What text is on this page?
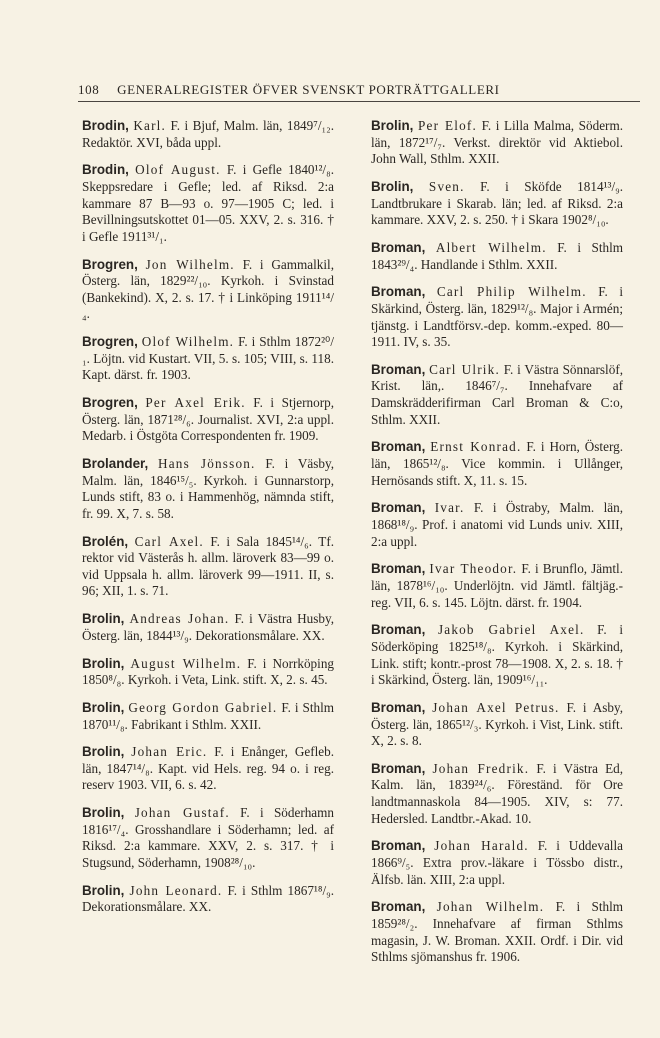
108 GENERALREGISTER ÖFVER SVENSKT PORTRÄTTGALLERI

Brodin, Karl. F. i Bjuf, Malm. län, 1849⁷/₁₂. Redaktör. XVI, båda uppl.

Brodin, Olof August. F. i Gefle 1840¹²/₈. Skeppsredare i Gefle; led. af Riksd. 2:a kammare 87 B—93 o. 97—1905 C; led. i Bevillningsutskottet 01—05. XXV, 2. s. 316. † i Gefle 1911³¹/₁.

Brogren, Jon Wilhelm. F. i Gammalkil, Österg. län, 1829²²/₁₀. Kyrkoh. i Svinstad (Bankekind). X, 2. s. 17. † i Linköping 1911¹⁴/₄.

Brogren, Olof Wilhelm. F. i Sthlm 1872²⁰/₁. Löjtn. vid Kustart. VII, 5. s. 105; VIII, s. 118. Kapt. därst. fr. 1903.

Brogren, Per Axel Erik. F. i Stjernorp, Österg. län, 1871²⁸/₆. Journalist. XVI, 2:a uppl. Medarb. i Östgöta Correspondenten fr. 1909.

Brolander, Hans Jönsson. F. i Väsby, Malm. län, 1846¹⁵/₅. Kyrkoh. i Gunnarstorp, Lunds stift, 83 o. i Hammenhög, nämnda stift, fr. 99. X, 7. s. 58.

Brolén, Carl Axel. F. i Sala 1845¹⁴/₆. Tf. rektor vid Västerås h. allm. läroverk 83—99 o. vid Uppsala h. allm. läroverk 99—1911. II, s. 96; XII, 1. s. 71.

Brolin, Andreas Johan. F. i Västra Husby, Österg. län, 1844¹³/₉. Dekorationsmålare. XX.

Brolin, August Wilhelm. F. i Norrköping 1850⁸/₈. Kyrkoh. i Veta, Link. stift. X, 2. s. 45.

Brolin, Georg Gordon Gabriel. F. i Sthlm 1870¹¹/₈. Fabrikant i Sthlm. XXII.

Brolin, Johan Eric. F. i Enånger, Gefleb. län, 1847¹⁴/₈. Kapt. vid Hels. reg. 94 o. i reg. reserv 1903. VII, 6. s. 42.

Brolin, Johan Gustaf. F. i Söderhamn 1816¹⁷/₄. Grosshandlare i Söderhamn; led. af Riksd. 2:a kammare. XXV, 2. s. 317. † i Stugsund, Söderhamn, 1908²⁸/₁₀.

Brolin, John Leonard. F. i Sthlm 1867¹⁸/₉. Dekorationsmålare. XX.

Brolin, Per Elof. F. i Lilla Malma, Söderm. län, 1872¹⁷/₇. Verkst. direktör vid Aktiebol. John Wall, Sthlm. XXII.

Brolin, Sven. F. i Sköfde 1814¹³/₉. Landtbrukare i Skarab. län; led. af Riksd. 2:a kammare. XXV, 2. s. 250. † i Skara 1902⁸/₁₀.

Broman, Albert Wilhelm. F. i Sthlm 1843²⁹/₄. Handlande i Sthlm. XXII.

Broman, Carl Philip Wilhelm. F. i Skärkind, Österg. län, 1829¹²/₈. Major i Armén; tjänstg. i Landtförsv.-dep. komm.-exped. 80—1911. IV, s. 35.

Broman, Carl Ulrik. F. i Västra Sönnarslöf, Krist. län,. 1846⁷/₇. Innehafvare af Damskrädderifirman Carl Broman & C:o, Sthlm. XXII.

Broman, Ernst Konrad. F. i Horn, Österg. län, 1865¹²/₈. Vice kommin. i Ullånger, Hernösands stift. X, 11. s. 15.

Broman, Ivar. F. i Östraby, Malm. län, 1868¹⁸/₉. Prof. i anatomi vid Lunds univ. XIII, 2:a uppl.

Broman, Ivar Theodor. F. i Brunflo, Jämtl. län, 1878¹⁶/₁₀. Underlöjtn. vid Jämtl. fältjäg.-reg. VII, 6. s. 145. Löjtn. därst. fr. 1904.

Broman, Jakob Gabriel Axel. F. i Söderköping 1825¹⁸/₈. Kyrkoh. i Skärkind, Link. stift; kontr.-prost 78—1908. X, 2. s. 18. † i Skärkind, Österg. län, 1909¹⁶/₁₁.

Broman, Johan Axel Petrus. F. i Asby, Österg. län, 1865¹²/₃. Kyrkoh. i Vist, Link. stift. X, 2. s. 8.

Broman, Johan Fredrik. F. i Västra Ed, Kalm. län, 1839²⁴/₆. Föreständ. för Ore landtmannaskola 84—1905. XIV, s: 77. Hedersled. Landtbr.-Akad. 10.

Broman, Johan Harald. F. i Uddevalla 1866⁹/₅. Extra prov.-läkare i Tössbo distr., Älfsb. län. XIII, 2:a uppl.

Broman, Johan Wilhelm. F. i Sthlm 1859²⁸/₂. Innehafvare af firman Sthlms magasin, J. W. Broman. XXII. Ordf. i Dir. vid Sthlms sjömanshus fr. 1906.
